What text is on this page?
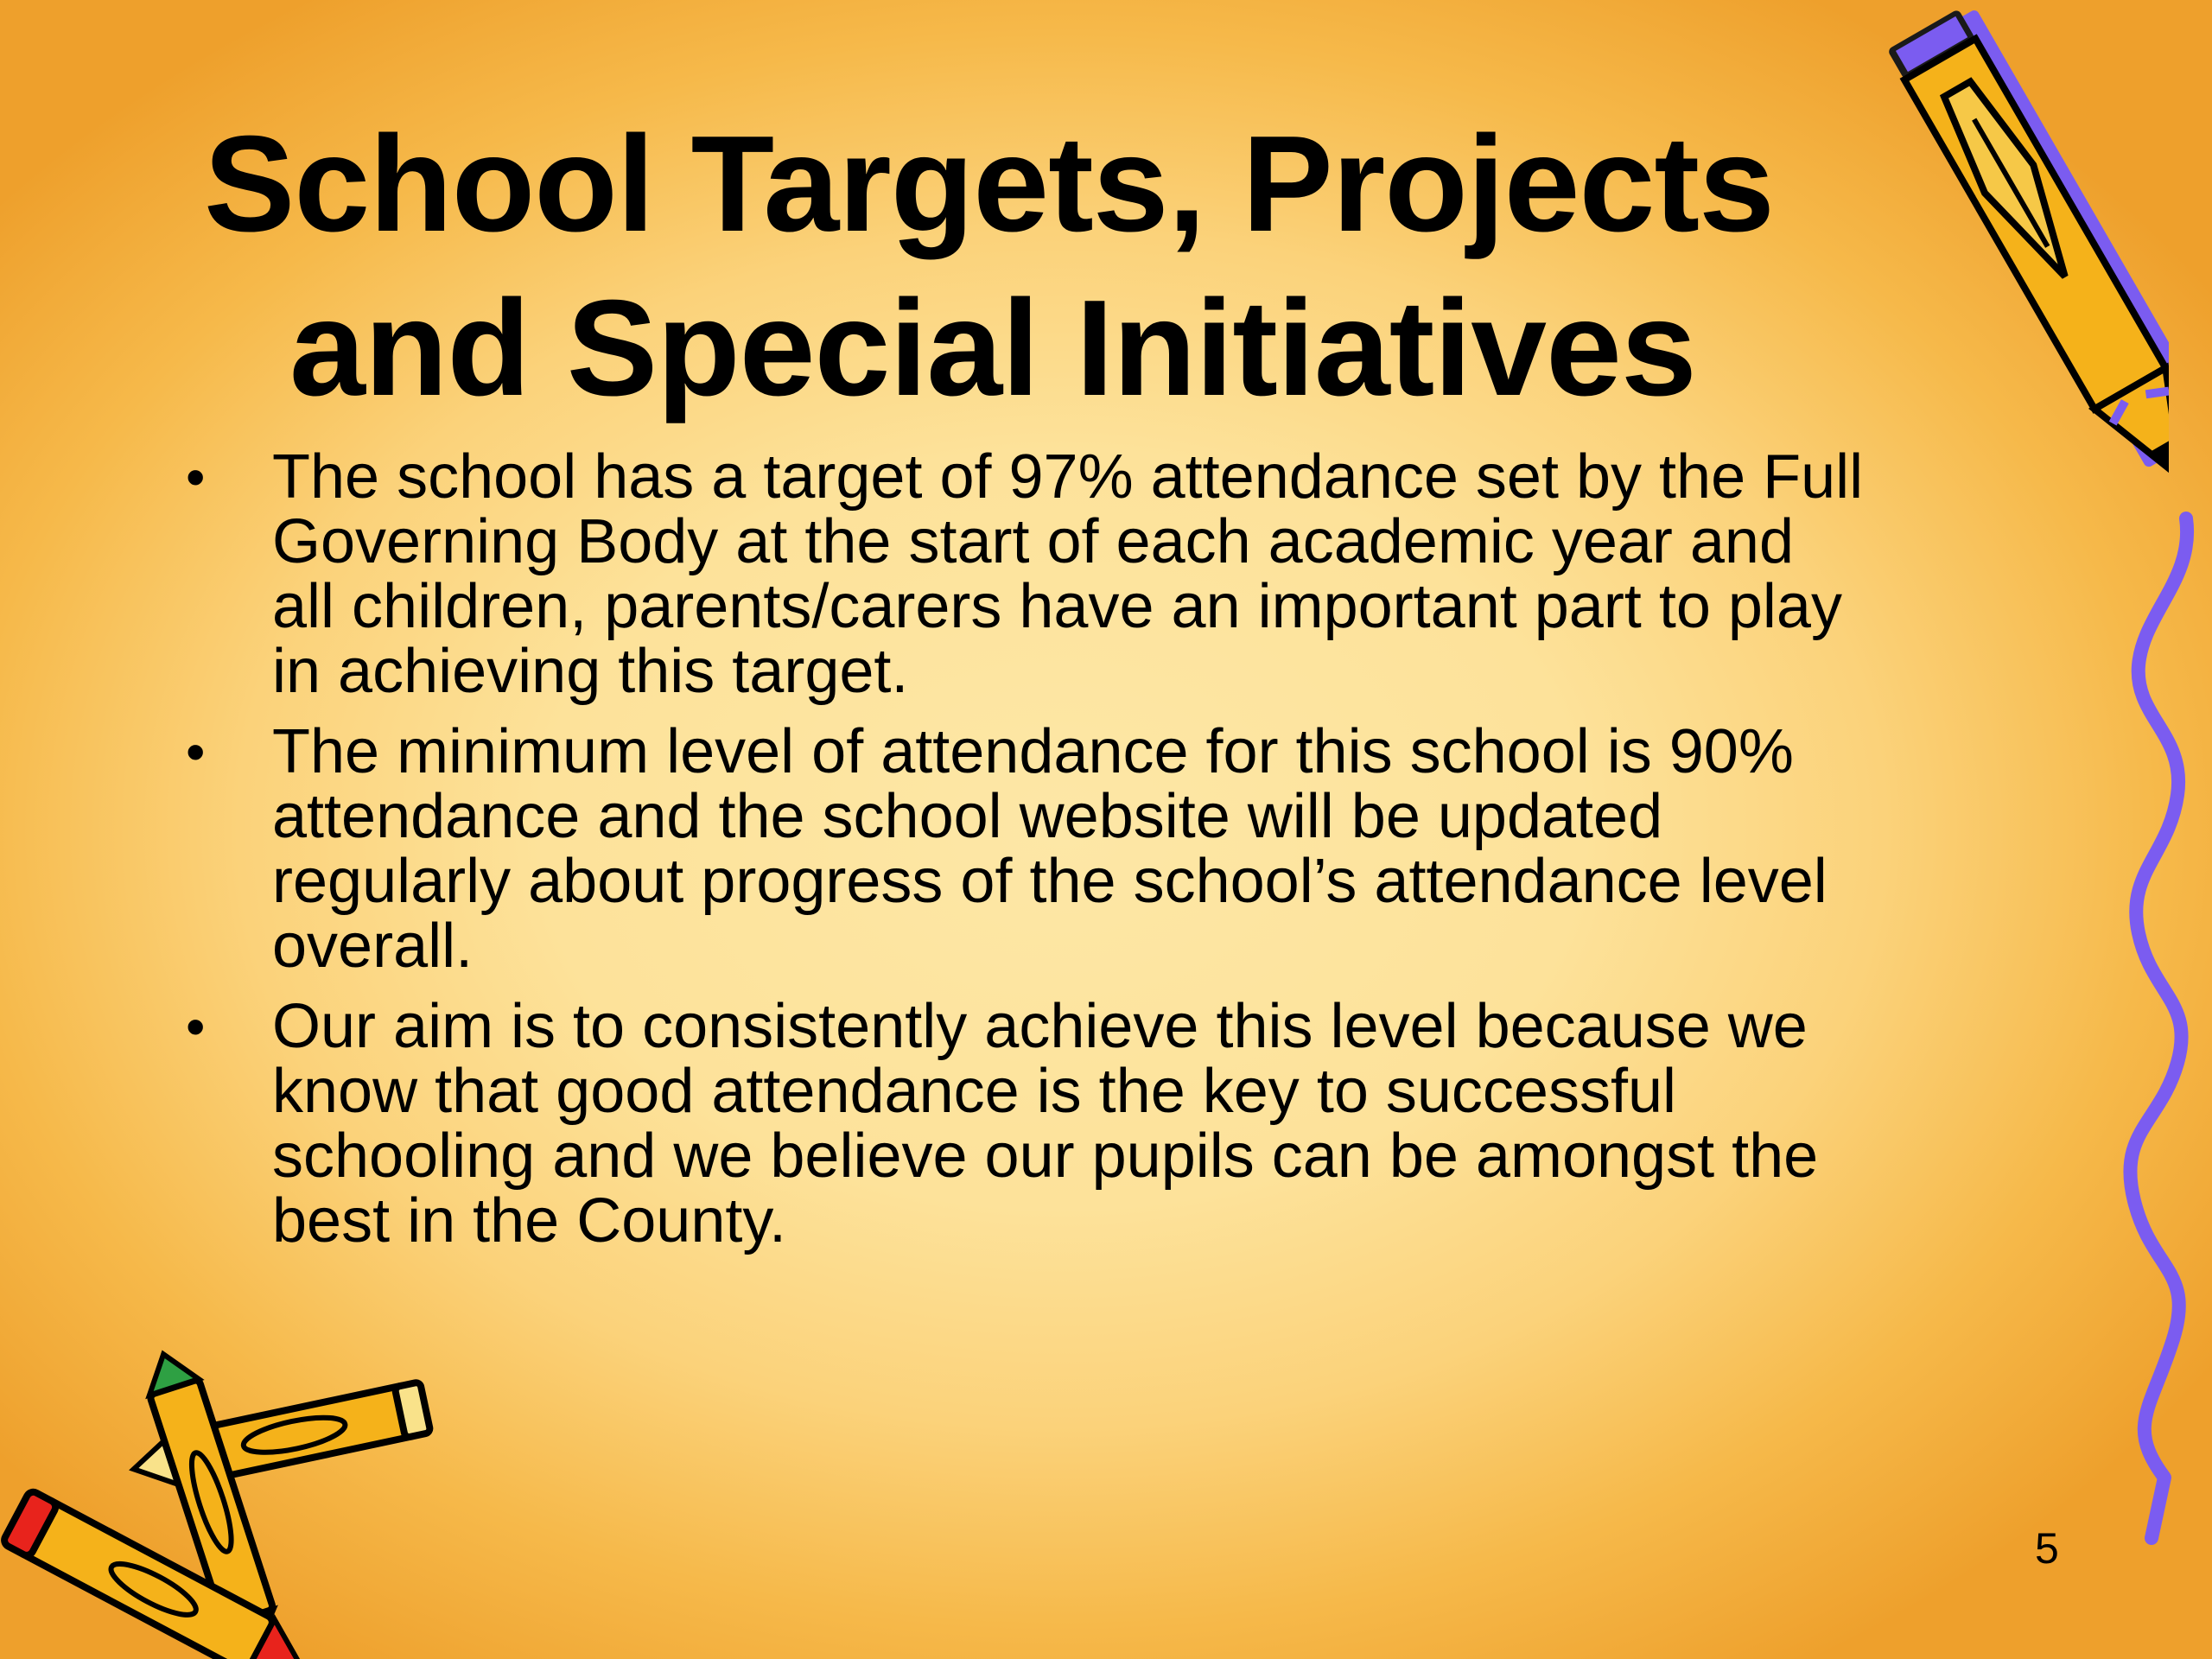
School Targets, Projects
and Special Initiatives
• The school has a target of 97% attendance set by the Full
Governing Body at the start of each academic year and
all children, parents/carers have an important part to play
in achieving this target.
• The minimum level of attendance for this school is 90%
attendance and the school website will be updated
regularly about progress of the school’s attendance level
overall.
• Our aim is to consistently achieve this level because we
know that good attendance is the key to successful
schooling and we believe our pupils can be amongst the
best in the County.
5
